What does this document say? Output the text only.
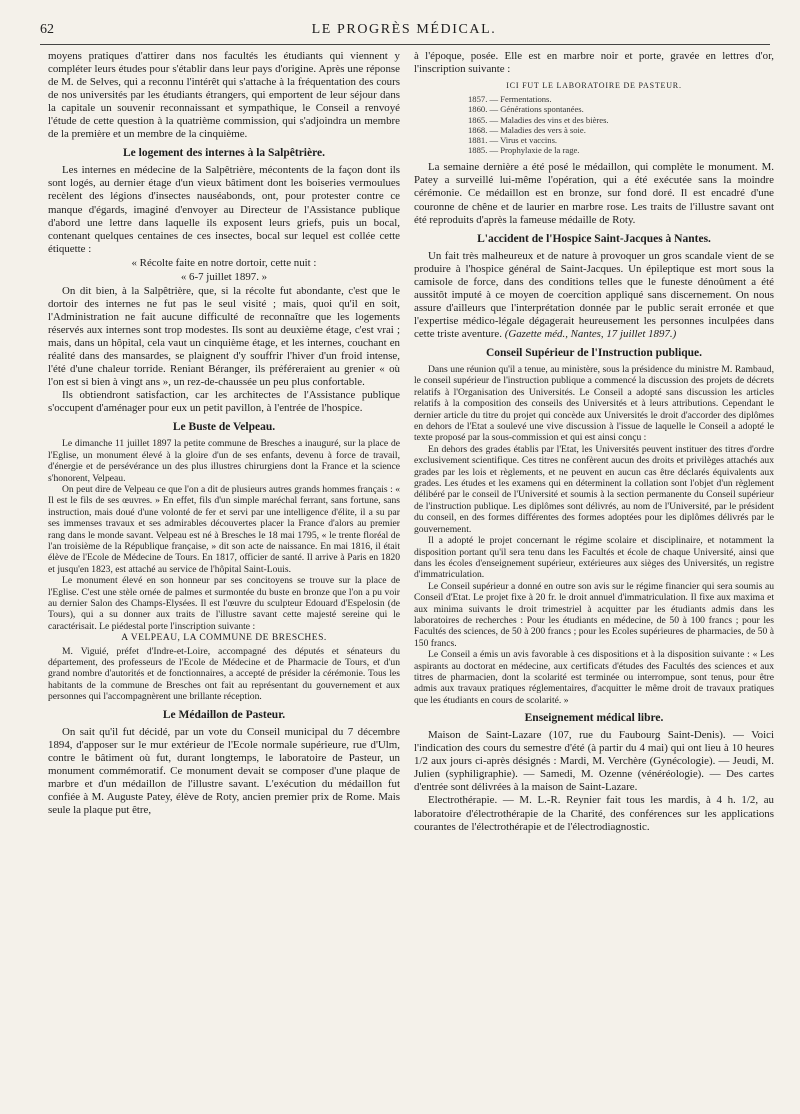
62	LE PROGRÈS MÉDICAL.

moyens pratiques d'attirer dans nos facultés les étudiants qui viennent y compléter leurs études pour s'établir dans leur pays d'origine. Après une réponse de M. de Selves, qui a reconnu l'intérêt qui s'attache à la fréquentation des cours de nos universités par les étudiants étrangers, qui emportent de leur séjour dans la capitale un souvenir reconnaissant et sympathique, le Conseil a renvoyé l'étude de cette question à la quatrième commission, qui s'adjoindra un membre de la première et un membre de la cinquième.

Le logement des internes à la Salpêtrière.

Les internes en médecine de la Salpêtrière, mécontents de la façon dont ils sont logés, au dernier étage d'un vieux bâtiment dont les boiseries vermoulues recèlent des légions d'insectes nauséabonds, ont, pour protester contre ce manque d'égards, imaginé d'envoyer au Directeur de l'Assistance publique d'abord une lettre dans laquelle ils exposent leurs griefs, puis un bocal, contenant quelques centaines de ces insectes, bocal sur lequel est collée cette étiquette :

« Récolte faite en notre dortoir, cette nuit :

« 6-7 juillet 1897. »

On dit bien, à la Salpêtrière, que, si la récolte fut abondante, c'est que le dortoir des internes ne fut pas le seul visité ; mais, quoi qu'il en soit, l'Administration ne fait aucune difficulté de reconnaître que les logements réservés aux internes sont trop modestes. Ils sont au deuxième étage, c'est vrai ; mais, dans un hôpital, cela vaut un cinquième étage, et les internes, couchant en réalité dans des mansardes, se plaignent d'y souffrir l'hiver d'un froid intense, l'été d'une chaleur torride. Reniant Béranger, ils préféreraient au grenier « où l'on est si bien à vingt ans », un rez-de-chaussée un peu plus confortable.

Ils obtiendront satisfaction, car les architectes de l'Assistance publique s'occupent d'aménager pour eux un petit pavillon, à l'entrée de l'hospice.

Le Buste de Velpeau.

Le dimanche 11 juillet 1897 la petite commune de Bresches a inauguré, sur la place de l'Eglise, un monument élevé à la gloire d'un de ses enfants, devenu à force de travail, d'énergie et de persévérance un des plus illustres chirurgiens dont la France et la science s'honorent, Velpeau.

On peut dire de Velpeau ce que l'on a dit de plusieurs autres grands hommes français : « Il est le fils de ses œuvres. » En effet, fils d'un simple maréchal ferrant, sans fortune, sans instruction, mais doué d'une volonté de fer et servi par une intelligence d'élite, il a su par ses immenses travaux et ses admirables découvertes placer la France d'alors au premier rang dans le monde savant. Velpeau est né à Bresches le 18 mai 1795, « le trente floréal de l'an troisième de la République française, » dit son acte de naissance. En mai 1816, il était élève de l'Ecole de Médecine de Tours. En 1817, officier de santé. Il arrive à Paris en 1820 et jusqu'en 1823, est attaché au service de l'hôpital Saint-Louis.

Le monument élevé en son honneur par ses concitoyens se trouve sur la place de l'Eglise. C'est une stèle ornée de palmes et surmontée du buste en bronze que l'on a pu voir au dernier Salon des Champs-Elysées. Il est l'œuvre du sculpteur Edouard d'Espelosin (de Tours), qui a su donner aux traits de l'illustre savant cette majesté sereine qui le caractérisait. Le piédestal porte l'inscription suivante :

A VELPEAU, LA COMMUNE DE BRESCHES.

M. Viguié, préfet d'Indre-et-Loire, accompagné des députés et sénateurs du département, des professeurs de l'Ecole de Médecine et de Pharmacie de Tours, et d'un grand nombre d'autorités et de fonctionnaires, a accepté de présider la cérémonie. Tous les habitants de la commune de Bresches ont fait au représentant du gouvernement et aux personnes qui l'accompagnèrent une brillante réception.

Le Médaillon de Pasteur.

On sait qu'il fut décidé, par un vote du Conseil municipal du 7 décembre 1894, d'apposer sur le mur extérieur de l'Ecole normale supérieure, rue d'Ulm, contre le bâtiment où fut, durant longtemps, le laboratoire de Pasteur, un monument commémoratif. Ce monument devait se composer d'une plaque de marbre et d'un médaillon de l'illustre savant. L'exécution du médaillon fut confiée à M. Auguste Patey, élève de Roty, ancien premier prix de Rome. Mais seule la plaque put être,

à l'époque, posée. Elle est en marbre noir et porte, gravée en lettres d'or, l'inscription suivante :

ICI FUT LE LABORATOIRE DE PASTEUR.
1857. — Fermentations.
1860. — Générations spontanées.
1865. — Maladies des vins et des bières.
1868. — Maladies des vers à soie.
1881. — Virus et vaccins.
1885. — Prophylaxie de la rage.

La semaine dernière a été posé le médaillon, qui complète le monument. M. Patey a surveillé lui-même l'opération, qui a été exécutée sans la moindre cérémonie. Ce médaillon est en bronze, sur fond doré. Il est encadré d'une couronne de chêne et de laurier en marbre rose. Les traits de l'illustre savant ont été reproduits d'après la fameuse médaille de Roty.

L'accident de l'Hospice Saint-Jacques à Nantes.

Un fait très malheureux et de nature à provoquer un gros scandale vient de se produire à l'hospice général de Saint-Jacques. Un épileptique est mort sous la camisole de force, dans des conditions telles que le funeste dénoûment a été aussitôt imputé à ce moyen de coercition appliqué sans discernement. On nous assure d'ailleurs que l'interprétation donnée par le public serait erronée et que l'expertise médico-légale dégagerait heureusement les personnes inculpées dans cette triste aventure. (Gazette méd., Nantes, 17 juillet 1897.)

Conseil Supérieur de l'Instruction publique.

Dans une réunion qu'il a tenue, au ministère, sous la présidence du ministre M. Rambaud, le conseil supérieur de l'instruction publique a commencé la discussion des projets de décrets relatifs à l'Organisation des Universités. Le Conseil a adopté sans discussion les articles relatifs à la composition des conseils des Universités et à leurs attributions. Cependant le dernier article du titre du projet qui concède aux Universités le droit d'accorder des diplômes en dehors de l'Etat a soulevé une vive discussion à l'issue de laquelle le Conseil a adopté le texte proposé par la sous-commission et qui est ainsi conçu :

En dehors des grades établis par l'Etat, les Universités peuvent instituer des titres d'ordre exclusivement scientifique. Ces titres ne confèrent aucun des droits et privilèges attachés aux grades par les lois et règlements, et ne peuvent en aucun cas être déclarés équivalents aux grades. Les études et les examens qui en déterminent la collation sont l'objet d'un règlement délibéré par le conseil de l'Université et soumis à la section permanente du Conseil supérieur de l'instruction publique. Les diplômes sont délivrés, au nom de l'Université, par le président du conseil, en des formes différentes des formes adoptées pour les diplômes délivrés par le gouvernement.

Il a adopté le projet concernant le régime scolaire et disciplinaire, et notamment la disposition portant qu'il sera tenu dans les Facultés et école de chaque Université, ainsi que dans les écoles d'enseignement supérieur, extérieures aux sièges des Universités, un registre d'immatriculation.

Le Conseil supérieur a donné en outre son avis sur le régime financier qui sera soumis au Conseil d'Etat. Le projet fixe à 20 fr. le droit annuel d'immatriculation. Il fixe aux maxima et aux minima suivants le droit trimestriel à acquitter par les étudiants admis dans les laboratoires de recherches : Pour les étudiants en médecine, de 50 à 100 francs ; pour les Facultés des sciences, de 50 à 200 francs ; pour les Ecoles supérieures de pharmacies, de 50 à 150 francs.

Le Conseil a émis un avis favorable à ces dispositions et à la disposition suivante : « Les aspirants au doctorat en médecine, aux certificats d'études des Facultés des sciences et aux titres de pharmacien, dont la scolarité est terminée ou interrompue, sont tenus, pour être admis aux travaux pratiques réglementaires, d'acquitter le même droit de travaux pratiques que les étudiants en cours de scolarité. »

Enseignement médical libre.

Maison de Saint-Lazare (107, rue du Faubourg Saint-Denis). — Voici l'indication des cours du semestre d'été (à partir du 4 mai) qui ont lieu à 10 heures 1/2 aux jours ci-après désignés : Mardi, M. Verchère (Gynécologie). — Jeudi, M. Julien (syphiligraphie). — Samedi, M. Ozenne (vénéréologie). — Des cartes d'entrée sont délivrées à la maison de Saint-Lazare.

Electrothérapie. — M. L.-R. Reynier fait tous les mardis, à 4 h. 1/2, au laboratoire d'électrothérapie de la Charité, des conférences sur les applications courantes de l'électrothérapie et de l'électrodiagnostic.
